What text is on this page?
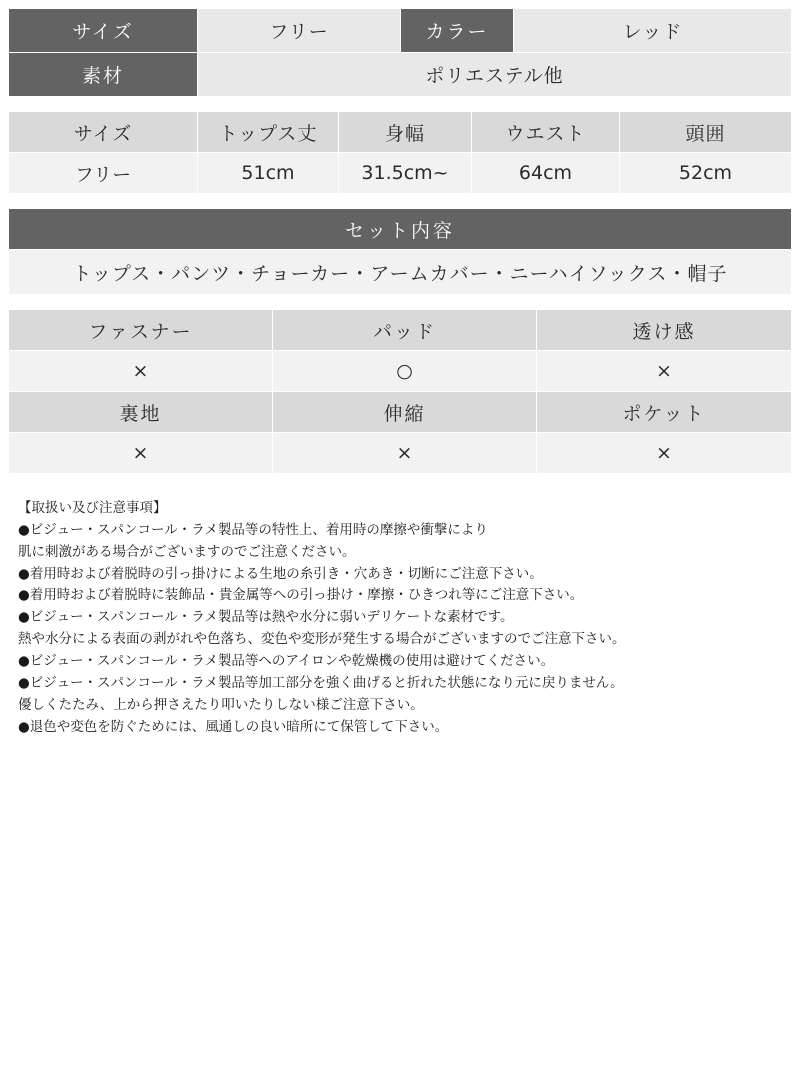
サイズ	フリー	カラー	レッド
素材	ポリエステル他		
サイズ	トップス丈	身幅	ウエスト	頭囲
フリー	51cm	31.5cm~	64cm	52cm
セット内容
トップス・パンツ・チョーカー・アームカバー・ニーハイソックス・帽子
ファスナー	パッド	透け感
×	○	×
裏地	伸縮	ポケット
×	×	×
【取扱い及び注意事項】
●ビジュー・スパンコール・ラメ製品等の特性上、着用時の摩擦や衝撃により
肌に刺激がある場合がございますのでご注意ください。
●着用時および着脱時の引っ掛けによる生地の糸引き・穴あき・切断にご注意下さい。
●着用時および着脱時に装飾品・貴金属等への引っ掛け・摩擦・ひきつれ等にご注意下さい。
●ビジュー・スパンコール・ラメ製品等は熱や水分に弱いデリケートな素材です。
熱や水分による表面の剥がれや色落ち、変色や変形が発生する場合がございますのでご注意下さい。
●ビジュー・スパンコール・ラメ製品等へのアイロンや乾燥機の使用は避けてください。
●ビジュー・スパンコール・ラメ製品等加工部分を強く曲げると折れた状態になり元に戻りません。
優しくたたみ、上から押さえたり叩いたりしない様ご注意下さい。
●退色や変色を防ぐためには、風通しの良い暗所にて保管して下さい。
